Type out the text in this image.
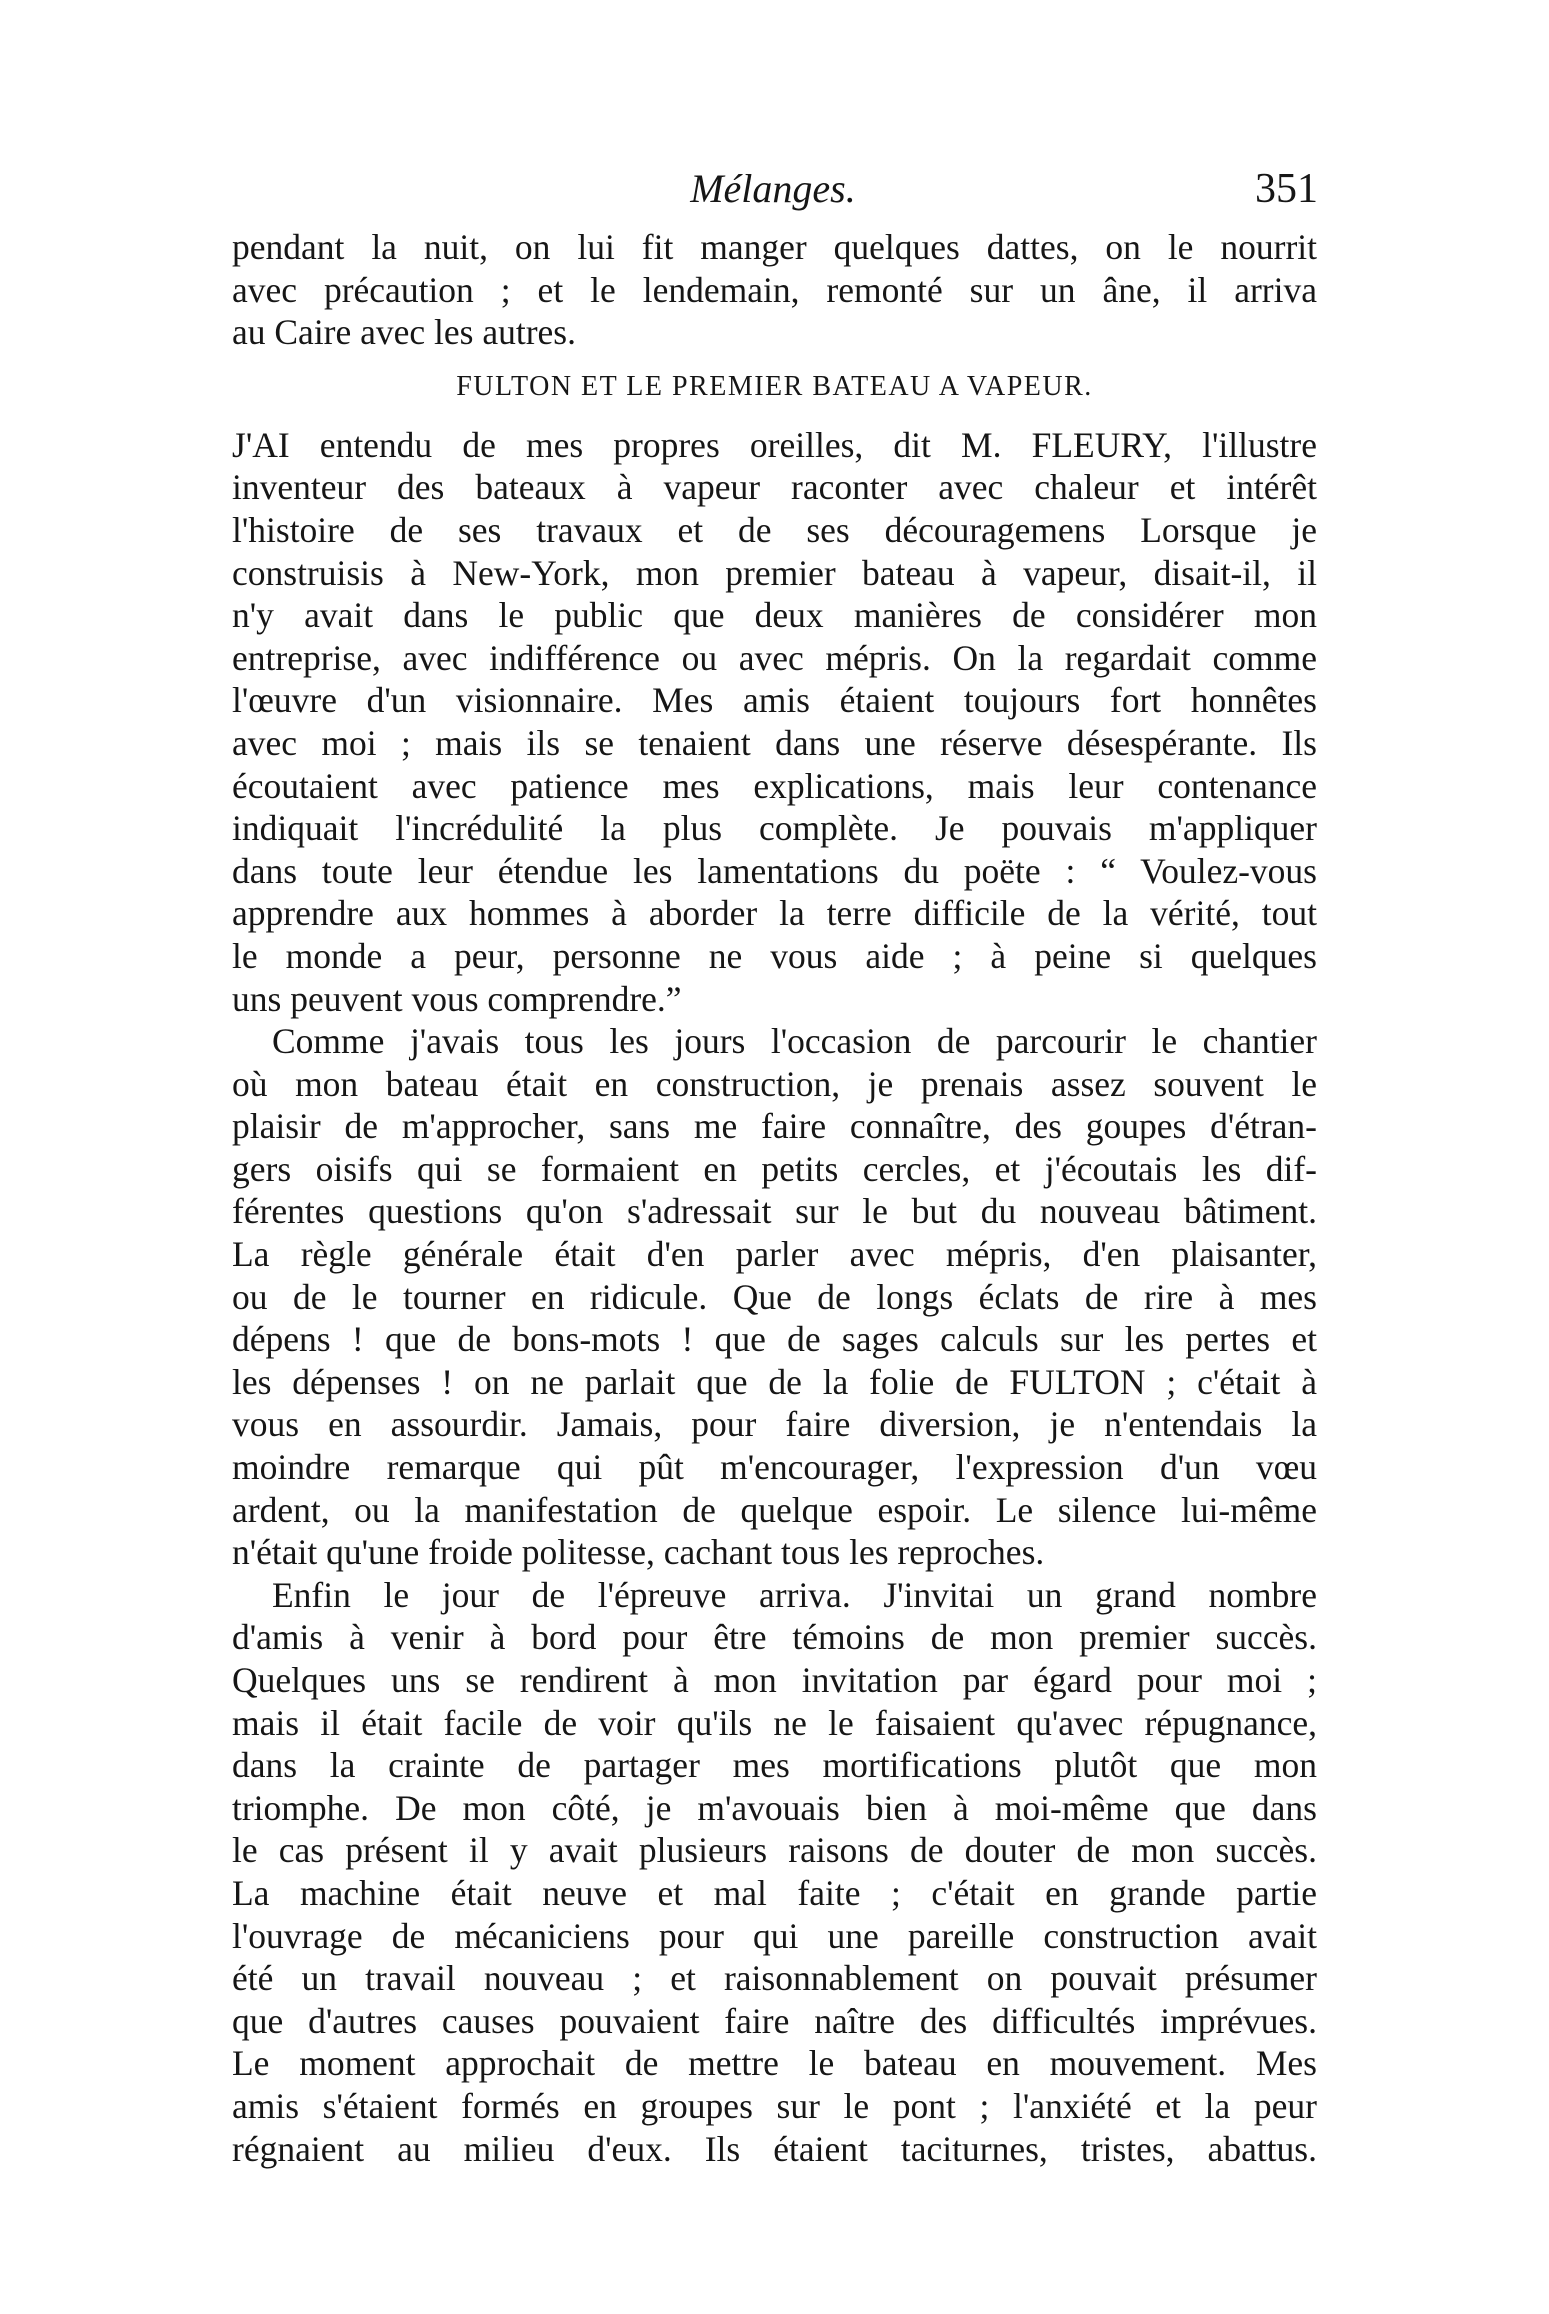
Mélanges.	351
pendant la nuit, on lui fit manger quelques dattes, on le nourrit
avec précaution ; et le lendemain, remonté sur un âne, il arriva
au Caire avec les autres.
FULTON ET LE PREMIER BATEAU A VAPEUR.
J'AI entendu de mes propres oreilles, dit M. FLEURY, l'illustre
inventeur des bateaux à vapeur raconter avec chaleur et intérêt
l'histoire de ses travaux et de ses découragemens Lorsque je
construisis à New-York, mon premier bateau à vapeur, disait-il, il
n'y avait dans le public que deux manières de considérer mon
entreprise, avec indifférence ou avec mépris. On la regardait comme
l'œuvre d'un visionnaire. Mes amis étaient toujours fort honnêtes
avec moi ; mais ils se tenaient dans une réserve désespérante. Ils
écoutaient avec patience mes explications, mais leur contenance
indiquait l'incrédulité la plus complète. Je pouvais m'appliquer
dans toute leur étendue les lamentations du poëte : “ Voulez-vous
apprendre aux hommes à aborder la terre difficile de la vérité, tout
le monde a peur, personne ne vous aide ; à peine si quelques
uns peuvent vous comprendre.”
Comme j'avais tous les jours l'occasion de parcourir le chantier
où mon bateau était en construction, je prenais assez souvent le
plaisir de m'approcher, sans me faire connaître, des goupes d'étran-
gers oisifs qui se formaient en petits cercles, et j'écoutais les dif-
férentes questions qu'on s'adressait sur le but du nouveau bâtiment.
La règle générale était d'en parler avec mépris, d'en plaisanter,
ou de le tourner en ridicule. Que de longs éclats de rire à mes
dépens ! que de bons-mots ! que de sages calculs sur les pertes et
les dépenses ! on ne parlait que de la folie de FULTON ; c'était à
vous en assourdir. Jamais, pour faire diversion, je n'entendais la
moindre remarque qui pût m'encourager, l'expression d'un vœu
ardent, ou la manifestation de quelque espoir. Le silence lui-même
n'était qu'une froide politesse, cachant tous les reproches.
Enfin le jour de l'épreuve arriva. J'invitai un grand nombre
d'amis à venir à bord pour être témoins de mon premier succès.
Quelques uns se rendirent à mon invitation par égard pour moi ;
mais il était facile de voir qu'ils ne le faisaient qu'avec répugnance,
dans la crainte de partager mes mortifications plutôt que mon
triomphe. De mon côté, je m'avouais bien à moi-même que dans
le cas présent il y avait plusieurs raisons de douter de mon succès.
La machine était neuve et mal faite ; c'était en grande partie
l'ouvrage de mécaniciens pour qui une pareille construction avait
été un travail nouveau ; et raisonnablement on pouvait présumer
que d'autres causes pouvaient faire naître des difficultés imprévues.
Le moment approchait de mettre le bateau en mouvement. Mes
amis s'étaient formés en groupes sur le pont ; l'anxiété et la peur
régnaient au milieu d'eux. Ils étaient taciturnes, tristes, abattus.
